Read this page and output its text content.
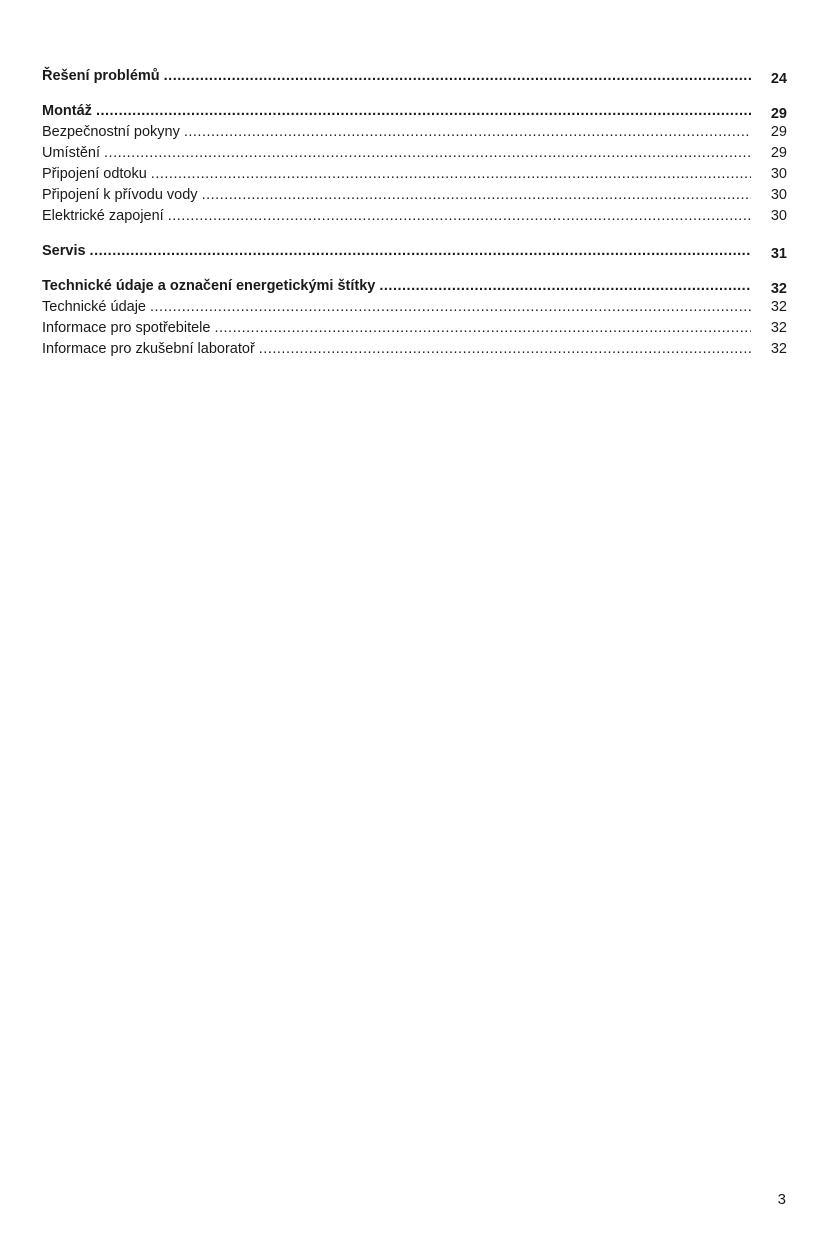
Řešení problémů .....	24
Montáž .....	29
Bezpečnostní pokyny .....	29
Umístění .....	29
Připojení odtoku .....	30
Připojení k přívodu vody .....	30
Elektrické zapojení .....	30
Servis .....	31
Technické údaje a označení energetickými štítky .....	32
Technické údaje .....	32
Informace pro spotřebitele .....	32
Informace pro zkušební laboratoř .....	32
3
